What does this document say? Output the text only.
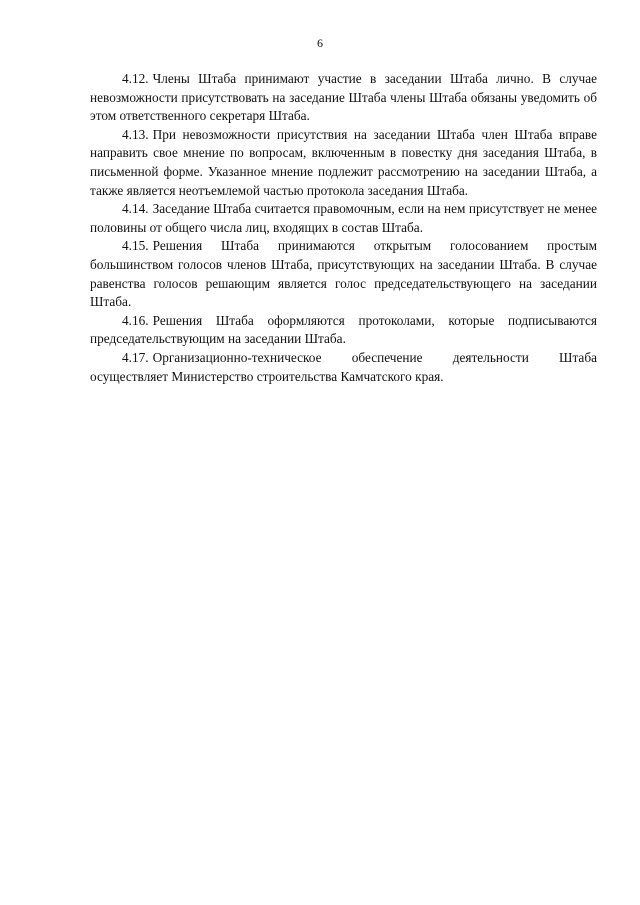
6

4.12. Члены Штаба принимают участие в заседании Штаба лично. В случае невозможности присутствовать на заседание Штаба члены Штаба обязаны уведомить об этом ответственного секретаря Штаба.

4.13. При невозможности присутствия на заседании Штаба член Штаба вправе направить свое мнение по вопросам, включенным в повестку дня заседания Штаба, в письменной форме. Указанное мнение подлежит рассмотрению на заседании Штаба, а также является неотъемлемой частью протокола заседания Штаба.

4.14. Заседание Штаба считается правомочным, если на нем присутствует не менее половины от общего числа лиц, входящих в состав Штаба.

4.15. Решения Штаба принимаются открытым голосованием простым большинством голосов членов Штаба, присутствующих на заседании Штаба. В случае равенства голосов решающим является голос председательствующего на заседании Штаба.

4.16. Решения Штаба оформляются протоколами, которые подписываются председательствующим на заседании Штаба.

4.17. Организационно-техническое обеспечение деятельности Штаба осуществляет Министерство строительства Камчатского края.
